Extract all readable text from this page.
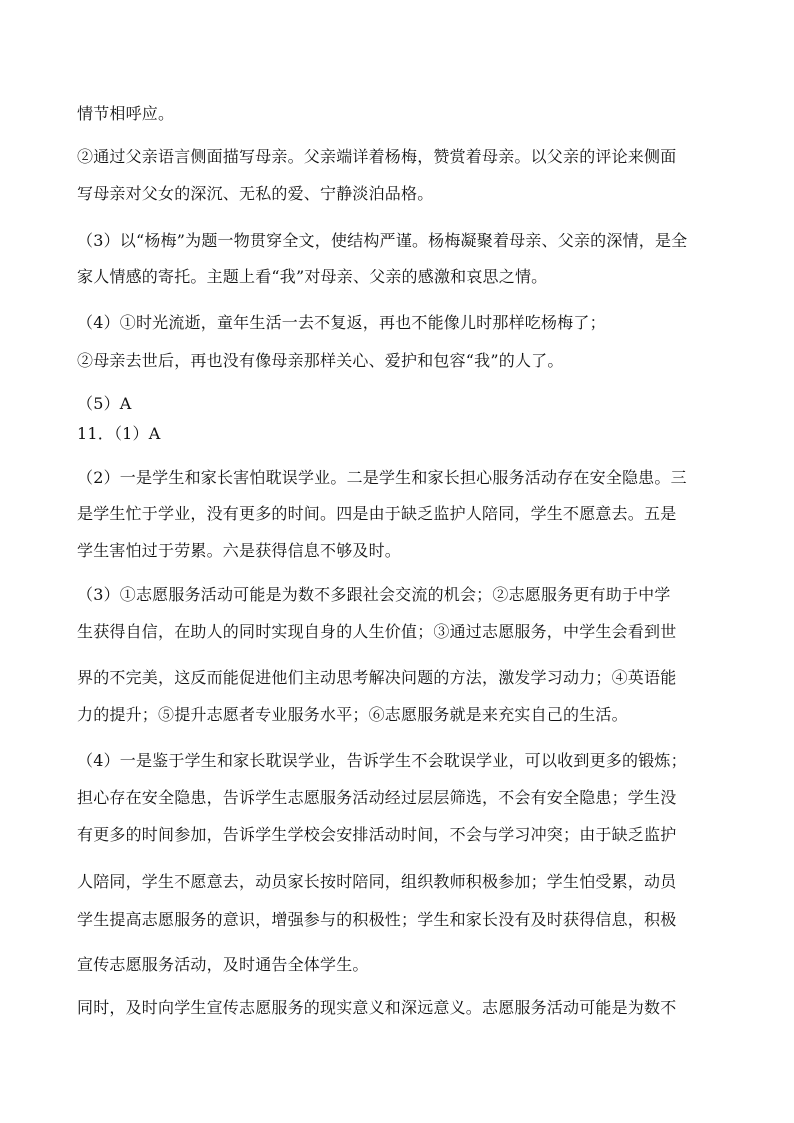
情节相呼应。
②通过父亲语言侧面描写母亲。父亲端详着杨梅，赞赏着母亲。以父亲的评论来侧面
写母亲对父女的深沉、无私的爱、宁静淡泊品格。
（3）以“杨梅”为题一物贯穿全文，使结构严谨。杨梅凝聚着母亲、父亲的深情，是全
家人情感的寄托。主题上看“我”对母亲、父亲的感激和哀思之情。
（4）①时光流逝，童年生活一去不复返，再也不能像儿时那样吃杨梅了；
②母亲去世后，再也没有像母亲那样关心、爱护和包容“我”的人了。
（5）A
11．（1）A
（2）一是学生和家长害怕耽误学业。二是学生和家长担心服务活动存在安全隐患。三
是学生忙于学业，没有更多的时间。四是由于缺乏监护人陪同，学生不愿意去。五是
学生害怕过于劳累。六是获得信息不够及时。
（3）①志愿服务活动可能是为数不多跟社会交流的机会；②志愿服务更有助于中学
生获得自信，在助人的同时实现自身的人生价值；③通过志愿服务，中学生会看到世
界的不完美，这反而能促进他们主动思考解决问题的方法，激发学习动力；④英语能
力的提升；⑤提升志愿者专业服务水平；⑥志愿服务就是来充实自己的生活。
（4）一是鉴于学生和家长耽误学业，告诉学生不会耽误学业，可以收到更多的锻炼；
担心存在安全隐患，告诉学生志愿服务活动经过层层筛选，不会有安全隐患；学生没
有更多的时间参加，告诉学生学校会安排活动时间，不会与学习冲突；由于缺乏监护
人陪同，学生不愿意去，动员家长按时陪同，组织教师积极参加；学生怕受累，动员
学生提高志愿服务的意识，增强参与的积极性；学生和家长没有及时获得信息，积极
宣传志愿服务活动，及时通告全体学生。
同时，及时向学生宣传志愿服务的现实意义和深远意义。志愿服务活动可能是为数不
